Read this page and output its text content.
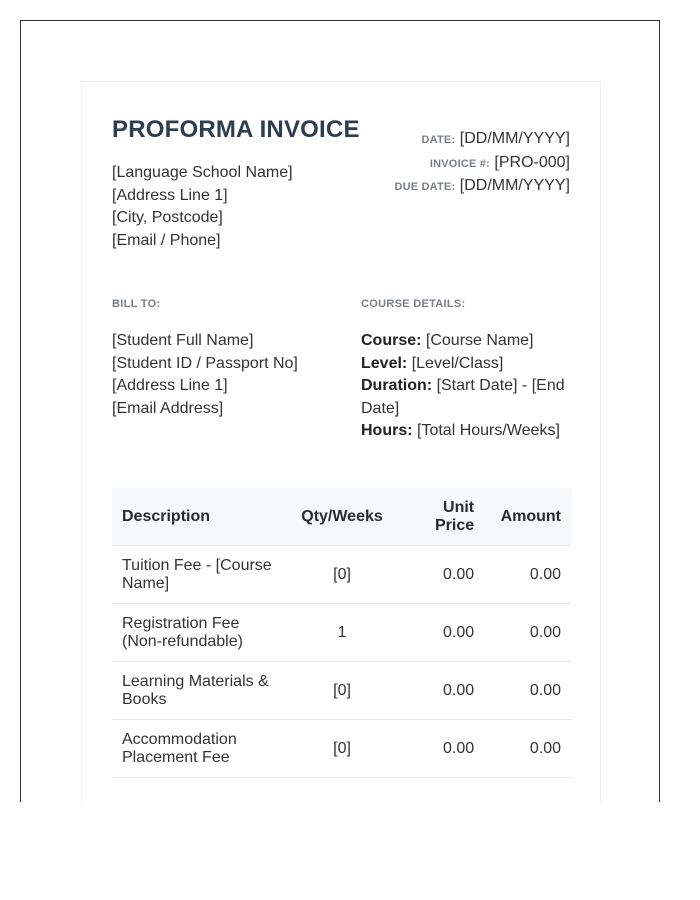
PROFORMA INVOICE
[Language School Name]
[Address Line 1]
[City, Postcode]
[Email / Phone]
DATE: [DD/MM/YYYY]
INVOICE #: [PRO-000]
DUE DATE: [DD/MM/YYYY]
BILL TO:	COURSE DETAILS:
[Student Full Name]
[Student ID / Passport No]
[Address Line 1]
[Email Address]
Course: [Course Name]
Level: [Level/Class]
Duration: [Start Date] - [End Date]
Hours: [Total Hours/Weeks]
Description	Qty/Weeks	Unit Price	Amount
Tuition Fee - [Course Name]	[0]	0.00	0.00
Registration Fee (Non-refundable)	1	0.00	0.00
Learning Materials & Books	[0]	0.00	0.00
Accommodation Placement Fee	[0]	0.00	0.00
